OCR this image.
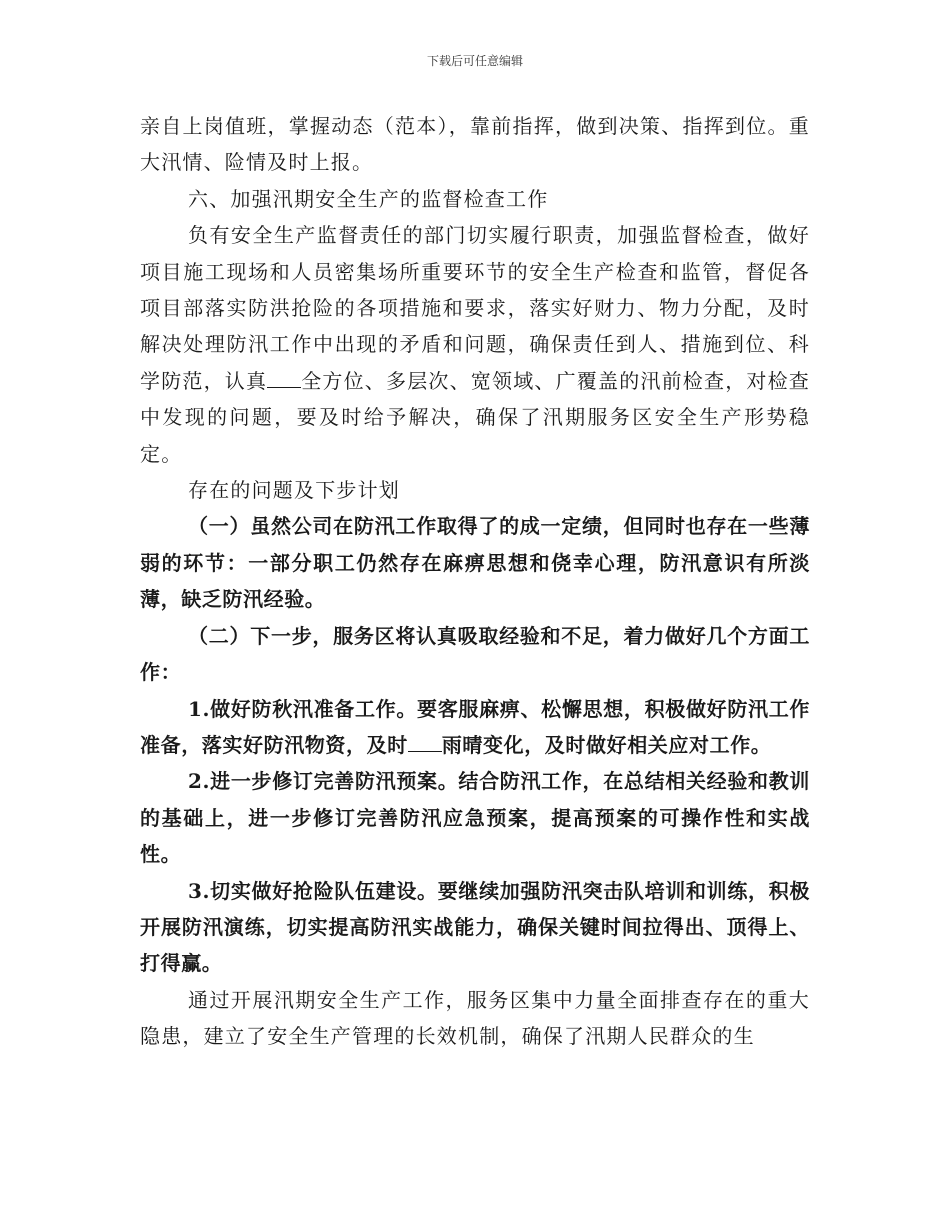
下载后可任意编辑

亲自上岗值班，掌握动态（范本），靠前指挥，做到决策、指挥到位。重大汛情、险情及时上报。

六、加强汛期安全生产的监督检查工作

负有安全生产监督责任的部门切实履行职责，加强监督检查，做好项目施工现场和人员密集场所重要环节的安全生产检查和监管，督促各项目部落实防洪抢险的各项措施和要求，落实好财力、物力分配，及时解决处理防汛工作中出现的矛盾和问题，确保责任到人、措施到位、科学防范，认真 全方位、多层次、宽领域、广覆盖的汛前检查，对检查中发现的问题，要及时给予解决，确保了汛期服务区安全生产形势稳定。

存在的问题及下步计划

（一）虽然公司在防汛工作取得了的成一定绩，但同时也存在一些薄弱的环节：一部分职工仍然存在麻痹思想和侥幸心理，防汛意识有所淡薄，缺乏防汛经验。

（二）下一步，服务区将认真吸取经验和不足，着力做好几个方面工作：

1.做好防秋汛准备工作。要客服麻痹、松懈思想，积极做好防汛工作准备，落实好防汛物资，及时 雨晴变化，及时做好相关应对工作。

2.进一步修订完善防汛预案。结合防汛工作，在总结相关经验和教训的基础上，进一步修订完善防汛应急预案，提高预案的可操作性和实战性。

3.切实做好抢险队伍建设。要继续加强防汛突击队培训和训练，积极开展防汛演练，切实提高防汛实战能力，确保关键时间拉得出、顶得上、打得赢。

通过开展汛期安全生产工作，服务区集中力量全面排查存在的重大隐患，建立了安全生产管理的长效机制，确保了汛期人民群众的生
